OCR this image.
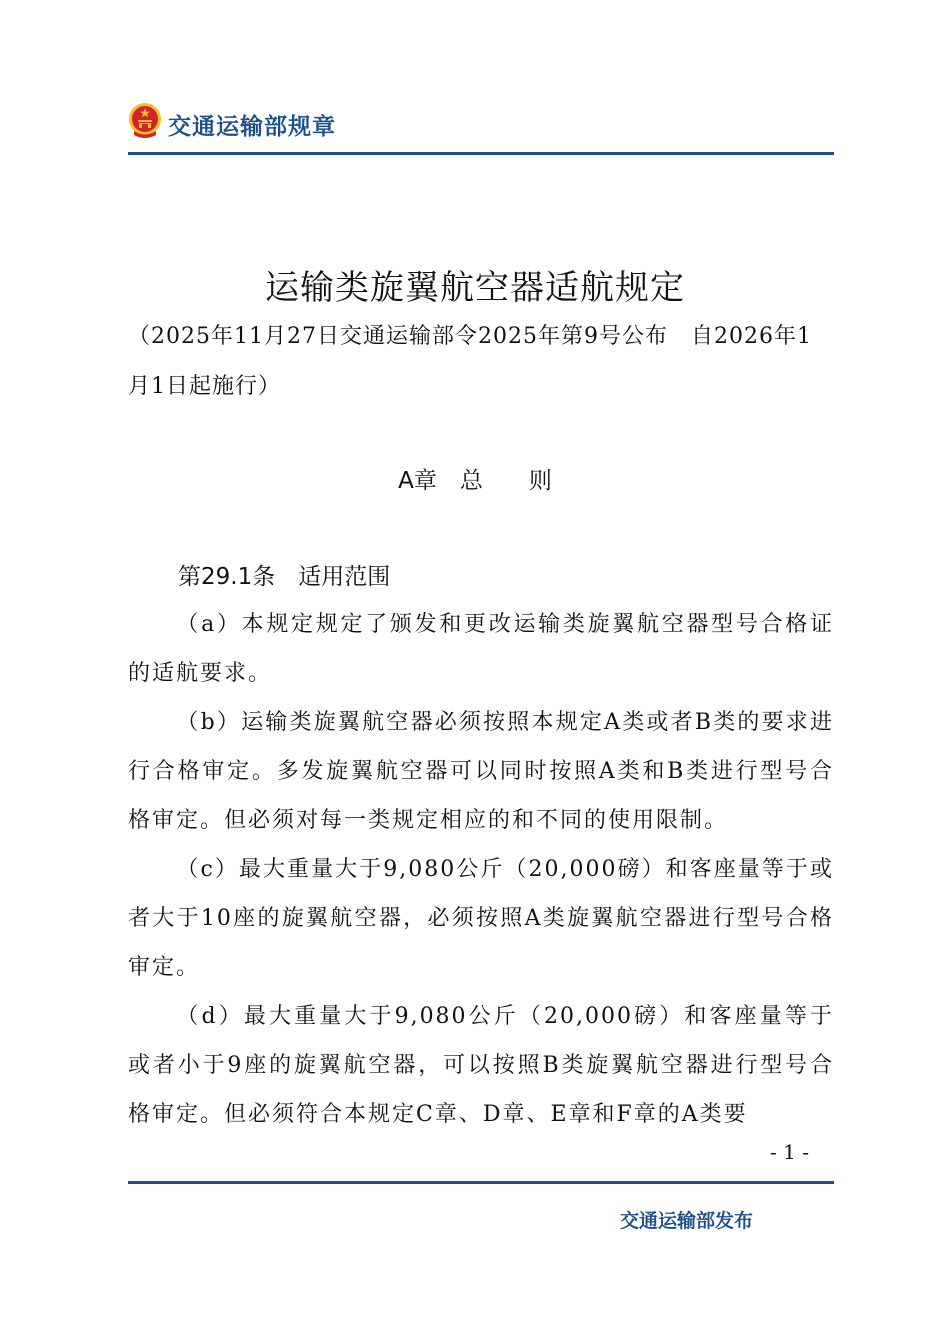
交通运输部规章
运输类旋翼航空器适航规定
（2025年11月27日交通运输部令2025年第9号公布　自2026年1月1日起施行）
A章　总　　则
第29.1条　适用范围

（a）本规定规定了颁发和更改运输类旋翼航空器型号合格证的适航要求。

（b）运输类旋翼航空器必须按照本规定A类或者B类的要求进行合格审定。多发旋翼航空器可以同时按照A类和B类进行型号合格审定。但必须对每一类规定相应的和不同的使用限制。

（c）最大重量大于9,080公斤（20,000磅）和客座量等于或者大于10座的旋翼航空器，必须按照A类旋翼航空器进行型号合格审定。

（d）最大重量大于9,080公斤（20,000磅）和客座量等于或者小于9座的旋翼航空器，可以按照B类旋翼航空器进行型号合格审定。但必须符合本规定C章、D章、E章和F章的A类要

- 1 -
交通运输部发布
